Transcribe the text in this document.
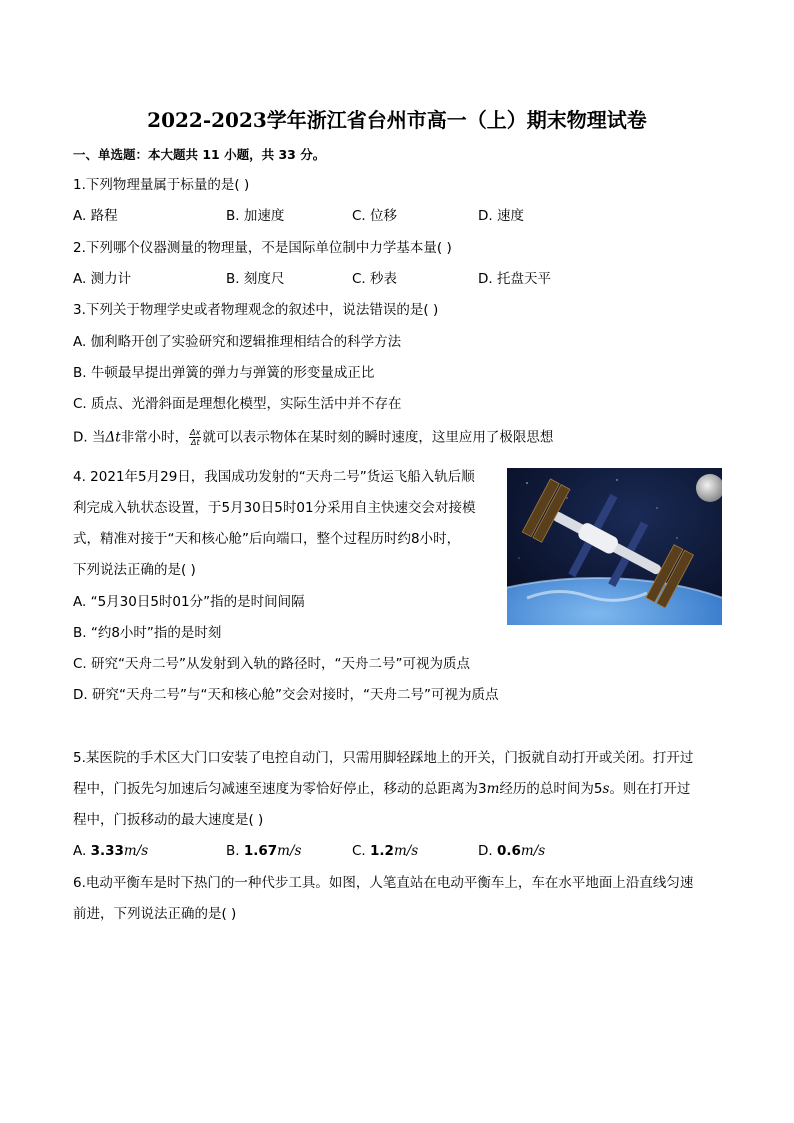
2022-2023学年浙江省台州市高一（上）期末物理试卷
一、单选题：本大题共 11 小题，共 33 分。
1.下列物理量属于标量的是( )
A. 路程	B. 加速度	C. 位移	D. 速度
2.下列哪个仪器测量的物理量，不是国际单位制中力学基本量( )
A. 测力计	B. 刻度尺	C. 秒表	D. 托盘天平
3.下列关于物理学史或者物理观念的叙述中，说法错误的是( )
A. 伽利略开创了实验研究和逻辑推理相结合的科学方法
B. 牛顿最早提出弹簧的弹力与弹簧的形变量成正比
C. 质点、光滑斜面是理想化模型，实际生活中并不存在
D. 当Δt非常小时， $\frac{\Delta x}{\Delta t}$ 就可以表示物体在某时刻的瞬时速度，这里应用了极限思想
4. 2021年5月29日，我国成功发射的“天舟二号”货运飞船入轨后顺
利完成入轨状态设置，于5月30日5时01分采用自主快速交会对接模
式，精准对接于“天和核心舱”后向端口，整个过程历时约8小时，
下列说法正确的是( )
A. “5月30日5时01分”指的是时间间隔
B. “约8小时”指的是时刻
C. 研究“天舟二号”从发射到入轨的路径时，“天舟二号”可视为质点
D. 研究“天舟二号”与“天和核心舱”交会对接时，“天舟二号”可视为质点
5.某医院的手术区大门口安装了电控自动门，只需用脚轻踩地上的开关，门扳就自动打开或关闭。打开过
程中，门扳先匀加速后匀减速至速度为零恰好停止，移动的总距离为3m经历的总时间为5s。则在打开过
程中，门扳移动的最大速度是( )
A. 3.33m/s	B. 1.67m/s	C. 1.2m/s	D. 0.6m/s
6.电动平衡车是时下热门的一种代步工具。如图，人笔直站在电动平衡车上，车在水平地面上沿直线匀速
前进，下列说法正确的是( )
